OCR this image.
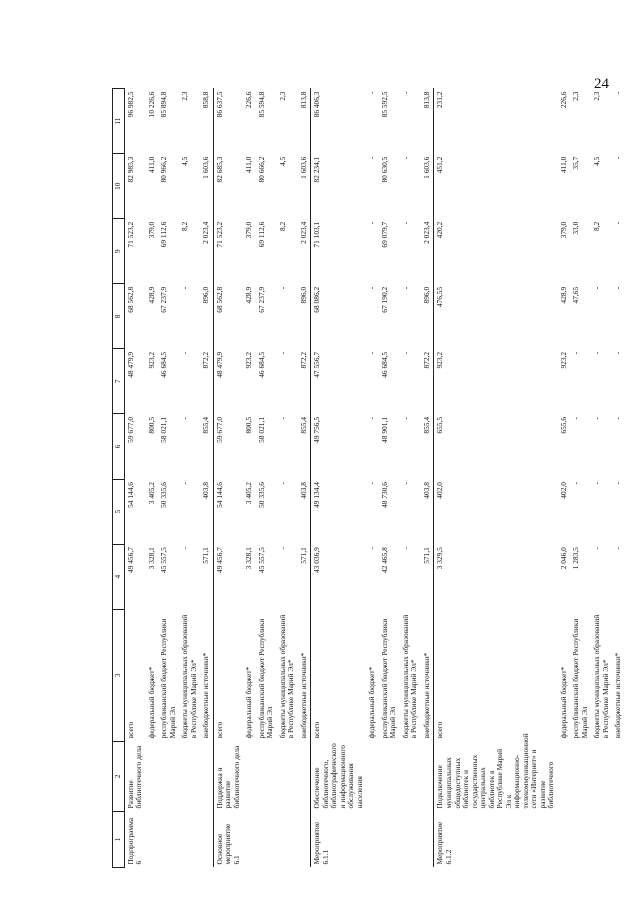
24
1	2	3	4	5	6	7	8	9	10	11
Подпрограмма 6	Развитие библиотечного дела	всего	49 456,7	54 144,6	59 677,0	48 479,9	68 562,8	71 523,2	82 985,3	96 982,5
		федеральный бюджет*	3 328,1	3 405,2	800,5	923,2	428,9	379,0	411,0	10 226,6
		республиканский бюджет Республики Марий Эл	45 557,5	50 335,6	58 021,1	46 684,5	67 237,9	69 112,6	80 966,2	85 894,8
		бюджеты муниципальных образований в Республике Марий Эл*	-	-	-	-	-	8,2	4,5	2,3
		внебюджетные источники*	571,1	403,8	855,4	872,2	896,0	2 023,4	1 603,6	858,8
Основное мероприятие 6.1	Поддержка и развитие библиотечного дела	всего	49 456,7	54 144,6	59 677,0	48 479,9	68 562,8	71 523,2	82 685,3	86 637,5
		федеральный бюджет*	3 328,1	3 405,2	800,5	923,2	428,9	379,0	411,0	226,6
		республиканский бюджет Республики Марий Эл	45 557,5	50 335,6	58 021,1	46 684,5	67 237,9	69 112,6	80 666,2	85 594,8
		бюджеты муниципальных образований в Республике Марий Эл*	-	-	-	-	-	8,2	4,5	2,3
		внебюджетные источники*	571,1	403,8	855,4	872,2	896,0	2 023,4	1 603,6	813,8
Мероприятие 6.1.1	Обеспечение библиотечного, библиографического и информационного обслуживания населения	всего	43 036,9	49 134,4	49 756,5	47 556,7	68 086,2	71 103,1	82 234,1	86 406,3
		федеральный бюджет*	-	-	-	-	-	-	-	-
		республиканский бюджет Республики Марий Эл	42 465,8	48 730,6	48 901,1	46 684,5	67 190,2	69 079,7	80 630,5	85 592,5
		бюджеты муниципальных образований в Республике Марий Эл*	-	-	-	-	-	-	-	-
		внебюджетные источники*	571,1	403,8	855,4	872,2	896,0	2 023,4	1 603,6	813,8
Мероприятие 6.1.2	Подключение муниципальных общедоступных библиотек и государственных центральных библиотек в Республике Марий Эл к информационно-телекоммуникационной сети «Интернет» и развитие библиотечного	всего	3 329,5	402,0	655,5	923,2	476,55	420,2	451,2	231,2
		федеральный бюджет*	2 046,0	402,0	655,6	923,2	428,9	379,0	411,0	226,6
		республиканский бюджет Республики Марий Эл	1 283,5	-	-	-	47,65	33,0	35,7	2,3
		бюджеты муниципальных образований в Республике Марий Эл*	-	-	-	-	-	8,2	4,5	2,3
		внебюджетные источники*	-	-	-	-	-	-	-	-
